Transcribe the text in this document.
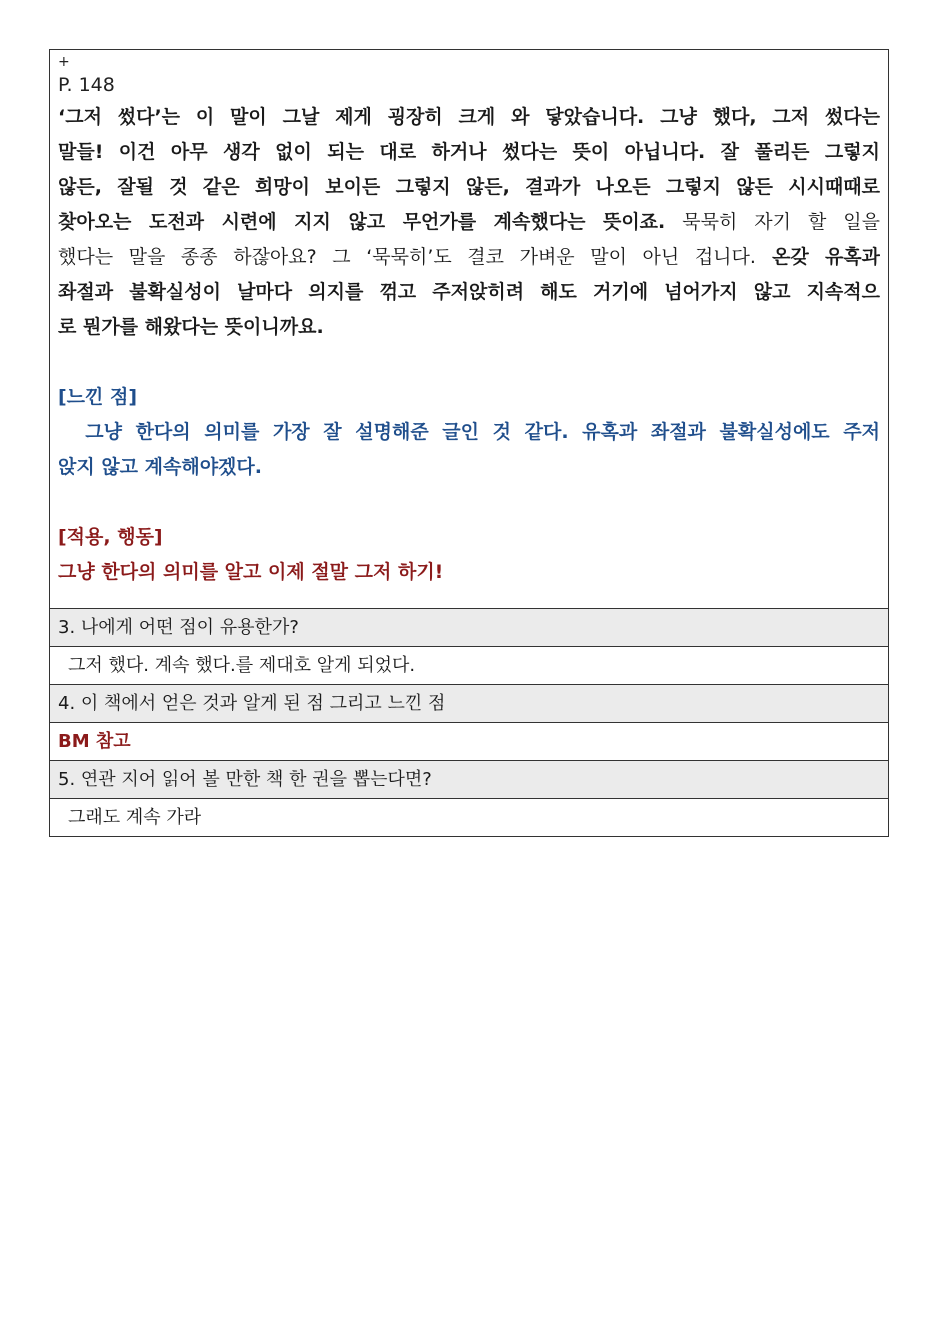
+
P. 148
‘그저 썼다’는 이 말이 그날 제게 굉장히 크게 와 닿았습니다. 그냥 했다, 그저 썼다는
말들! 이건 아무 생각 없이 되는 대로 하거나 썼다는 뜻이 아닙니다. 잘 풀리든 그렇지
않든, 잘될 것 같은 희망이 보이든 그렇지 않든, 결과가 나오든 그렇지 않든 시시때때로
찾아오는 도전과 시련에 지지 않고 무언가를 계속했다는 뜻이죠. 묵묵히 자기 할 일을
했다는 말을 종종 하잖아요? 그 ‘묵묵히’도 결코 가벼운 말이 아닌 겁니다. 온갖 유혹과
좌절과 불확실성이 날마다 의지를 꺾고 주저앉히려 해도 거기에 넘어가지 않고 지속적으
로 뭔가를 해왔다는 뜻이니까요.
[느낀 점]
그냥 한다의 의미를 가장 잘 설명해준 글인 것 같다. 유혹과 좌절과 불확실성에도 주저
앉지 않고 계속해야겠다.
[적용, 행동]
그냥 한다의 의미를 알고 이제 절말 그저 하기!
3. 나에게 어떤 점이 유용한가?
그저 했다. 계속 했다.를 제대호 알게 되었다.
4. 이 책에서 얻은 것과 알게 된 점 그리고 느낀 점
BM 참고
5. 연관 지어 읽어 볼 만한 책 한 권을 뽑는다면?
그래도 계속 가라
